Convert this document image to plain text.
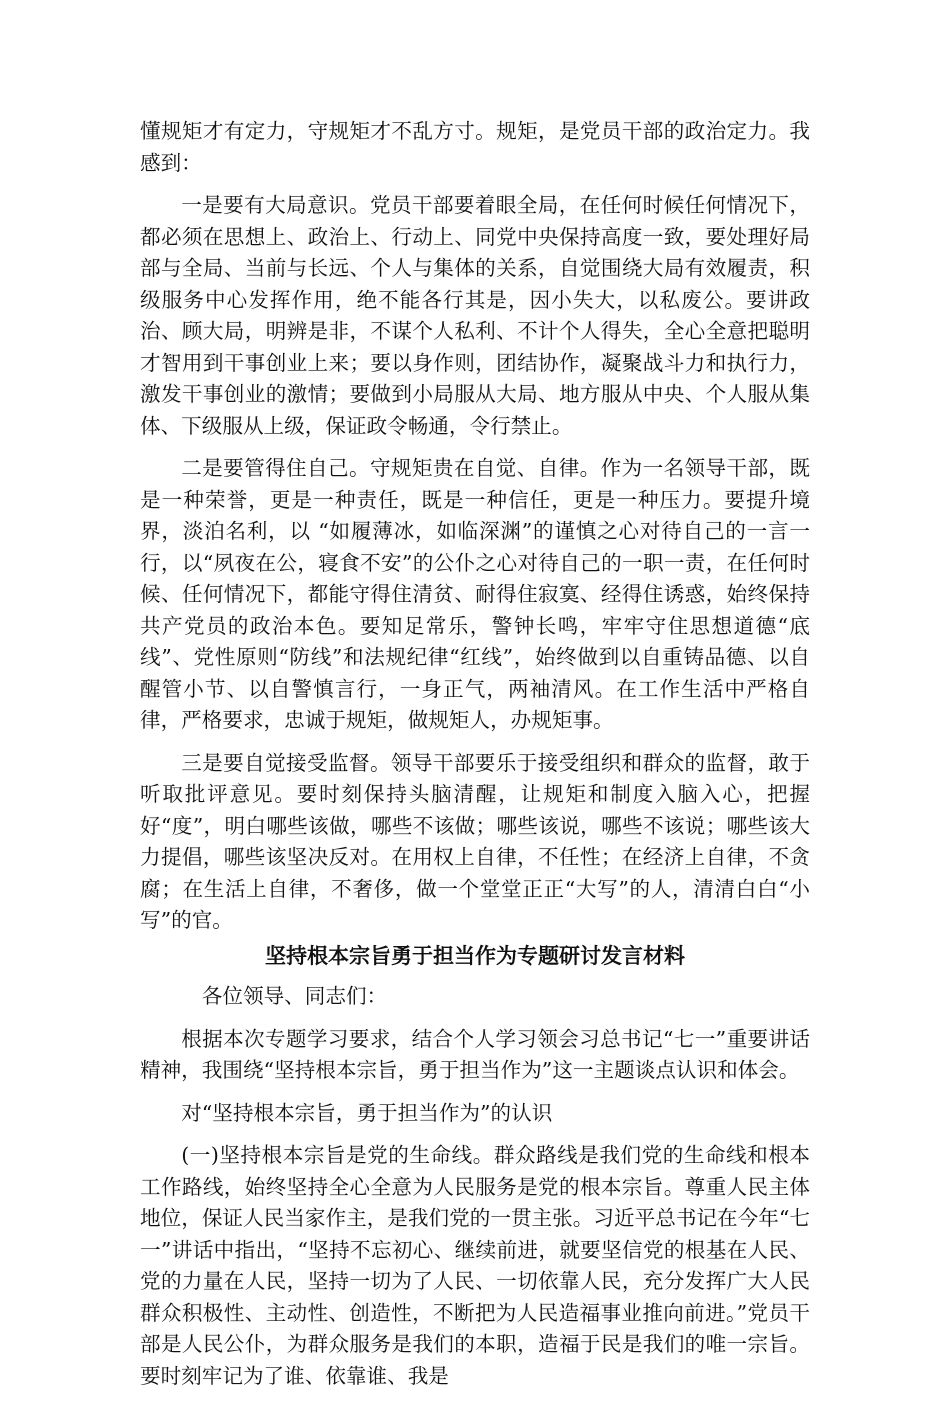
懂规矩才有定力，守规矩才不乱方寸。规矩，是党员干部的政治定力。我感到：

一是要有大局意识。党员干部要着眼全局，在任何时候任何情况下，都必须在思想上、政治上、行动上、同党中央保持高度一致，要处理好局部与全局、当前与长远、个人与集体的关系，自觉围绕大局有效履责，积级服务中心发挥作用，绝不能各行其是，因小失大，以私废公。要讲政治、顾大局，明辨是非，不谋个人私利、不计个人得失，全心全意把聪明才智用到干事创业上来；要以身作则，团结协作，凝聚战斗力和执行力，激发干事创业的激情；要做到小局服从大局、地方服从中央、个人服从集体、下级服从上级，保证政令畅通，令行禁止。

二是要管得住自己。守规矩贵在自觉、自律。作为一名领导干部，既是一种荣誉，更是一种责任，既是一种信任，更是一种压力。要提升境界，淡泊名利，以 “如履薄冰，如临深渊”的谨慎之心对待自己的一言一行，以“夙夜在公，寝食不安”的公仆之心对待自己的一职一责，在任何时候、任何情况下，都能守得住清贫、耐得住寂寞、经得住诱惑，始终保持共产党员的政治本色。要知足常乐，警钟长鸣，牢牢守住思想道德“底线”、党性原则“防线”和法规纪律“红线”，始终做到以自重铸品德、以自醒管小节、以自警慎言行，一身正气，两袖清风。在工作生活中严格自律，严格要求，忠诚于规矩，做规矩人，办规矩事。

三是要自觉接受监督。领导干部要乐于接受组织和群众的监督，敢于听取批评意见。要时刻保持头脑清醒，让规矩和制度入脑入心，把握好“度”，明白哪些该做，哪些不该做；哪些该说，哪些不该说；哪些该大力提倡，哪些该坚决反对。在用权上自律，不任性；在经济上自律，不贪腐；在生活上自律，不奢侈，做一个堂堂正正“大写”的人，清清白白“小写”的官。

坚持根本宗旨勇于担当作为专题研讨发言材料

各位领导、同志们：

根据本次专题学习要求，结合个人学习领会习总书记“七一”重要讲话精神，我围绕“坚持根本宗旨，勇于担当作为”这一主题谈点认识和体会。

对“坚持根本宗旨，勇于担当作为”的认识

(一)坚持根本宗旨是党的生命线。群众路线是我们党的生命线和根本工作路线，始终坚持全心全意为人民服务是党的根本宗旨。尊重人民主体地位，保证人民当家作主，是我们党的一贯主张。习近平总书记在今年“七一”讲话中指出，“坚持不忘初心、继续前进，就要坚信党的根基在人民、党的力量在人民，坚持一切为了人民、一切依靠人民，充分发挥广大人民群众积极性、主动性、创造性，不断把为人民造福事业推向前进。”党员干部是人民公仆，为群众服务是我们的本职，造福于民是我们的唯一宗旨。要时刻牢记为了谁、依靠谁、我是
